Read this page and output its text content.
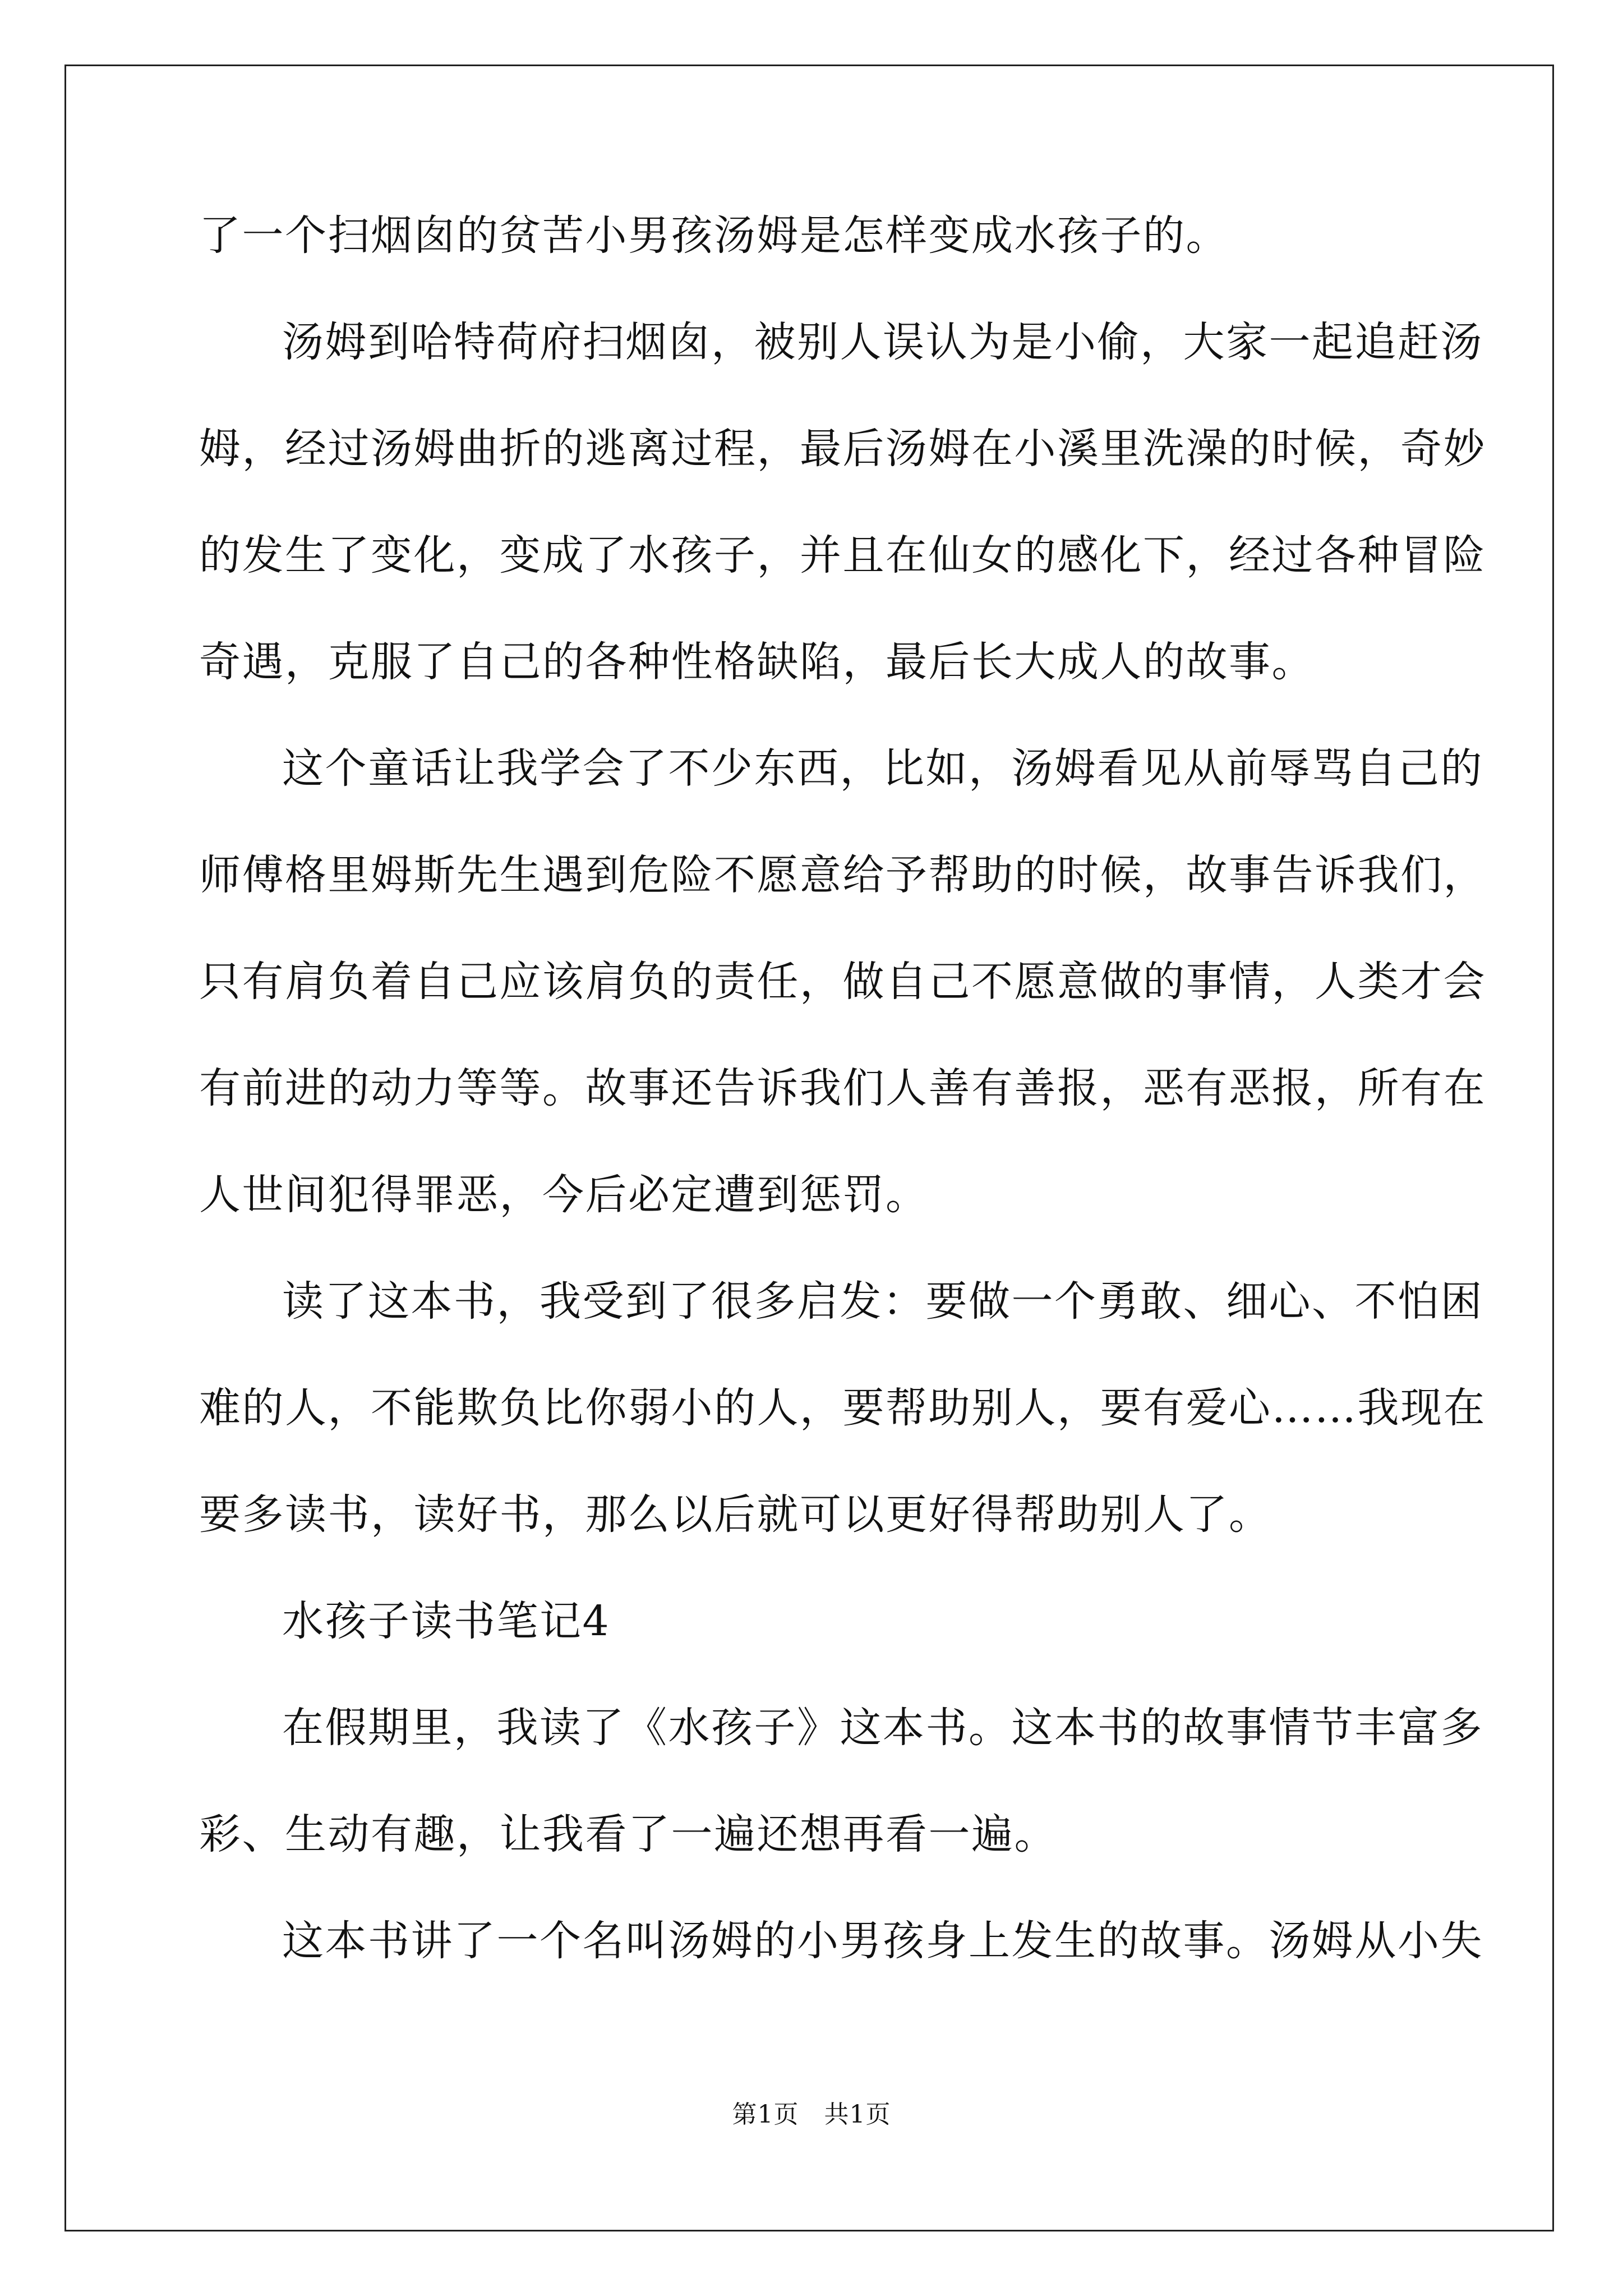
了一个扫烟囱的贫苦小男孩汤姆是怎样变成水孩子的。
汤姆到哈特荷府扫烟囱，被别人误认为是小偷，大家一起追赶汤
姆，经过汤姆曲折的逃离过程，最后汤姆在小溪里洗澡的时候，奇妙
的发生了变化，变成了水孩子，并且在仙女的感化下，经过各种冒险
奇遇，克服了自己的各种性格缺陷，最后长大成人的故事。
这个童话让我学会了不少东西，比如，汤姆看见从前辱骂自己的
师傅格里姆斯先生遇到危险不愿意给予帮助的时候，故事告诉我们，
只有肩负着自己应该肩负的责任，做自己不愿意做的事情，人类才会
有前进的动力等等。故事还告诉我们人善有善报，恶有恶报，所有在
人世间犯得罪恶，今后必定遭到惩罚。
读了这本书，我受到了很多启发：要做一个勇敢、细心、不怕困
难的人，不能欺负比你弱小的人，要帮助别人，要有爱心……我现在
要多读书，读好书，那么以后就可以更好得帮助别人了。
水孩子读书笔记4
在假期里，我读了《水孩子》这本书。这本书的故事情节丰富多
彩、生动有趣，让我看了一遍还想再看一遍。
这本书讲了一个名叫汤姆的小男孩身上发生的故事。汤姆从小失
第1页　共1页
